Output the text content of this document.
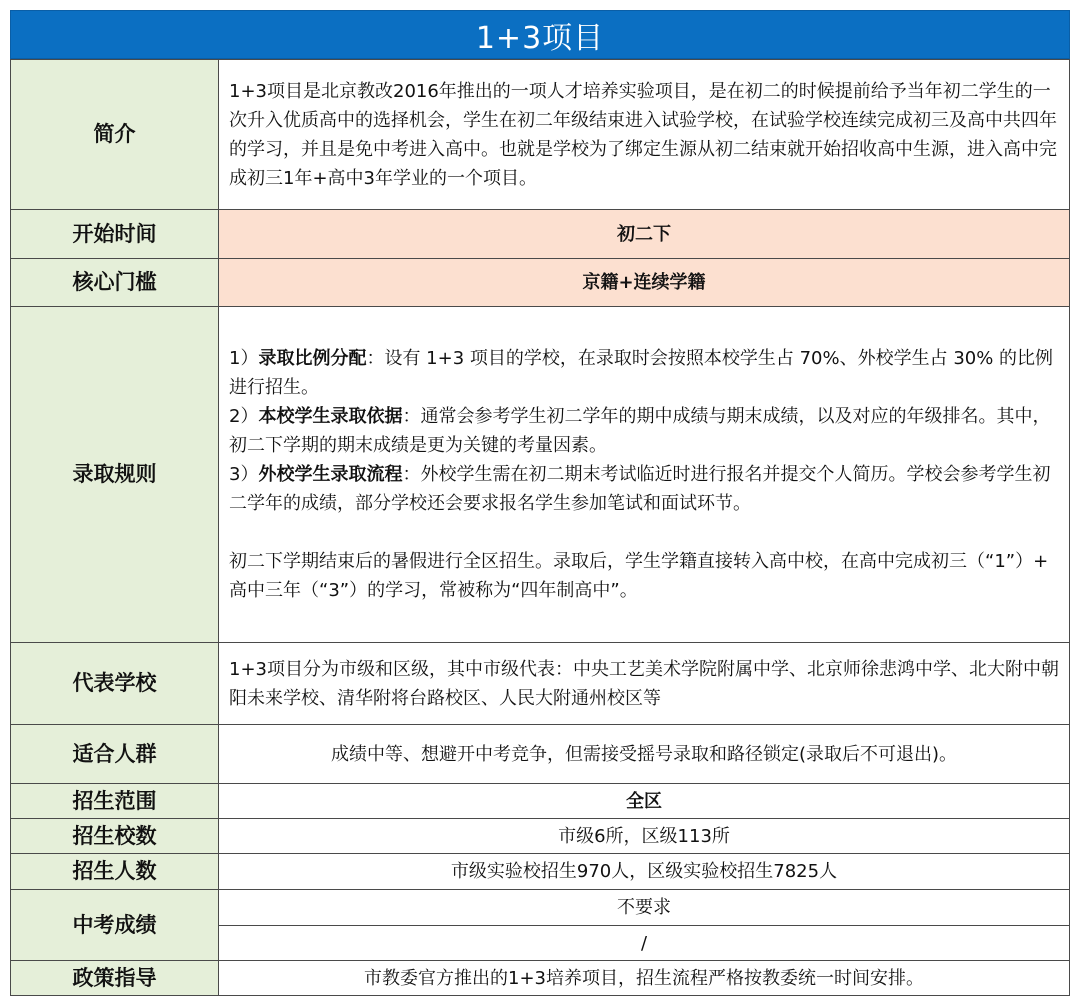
1+3项目
简介	1+3项目是北京教改2016年推出的一项人才培养实验项目，是在初二的时候提前给予当年初二学生的一次升入优质高中的选择机会，学生在初二年级结束进入试验学校，在试验学校连续完成初三及高中共四年的学习，并且是免中考进入高中。也就是学校为了绑定生源从初二结束就开始招收高中生源，进入高中完成初三1年+高中3年学业的一个项目。
开始时间	初二下
核心门槛	京籍+连续学籍
录取规则	1）录取比例分配：设有 1+3 项目的学校，在录取时会按照本校学生占 70%、外校学生占 30% 的比例进行招生。
2）本校学生录取依据：通常会参考学生初二学年的期中成绩与期末成绩，以及对应的年级排名。其中，初二下学期的期末成绩是更为关键的考量因素。
3）外校学生录取流程：外校学生需在初二期末考试临近时进行报名并提交个人简历。学校会参考学生初二学年的成绩，部分学校还会要求报名学生参加笔试和面试环节。
初二下学期结束后的暑假进行全区招生。录取后，学生学籍直接转入高中校，在高中完成初三（“1”）+ 高中三年（“3”）的学习，常被称为“四年制高中”。

代表学校	1+3项目分为市级和区级，其中市级代表：中央工艺美术学院附属中学、北京师徐悲鸿中学、北大附中朝阳未来学校、清华附将台路校区、人民大附通州校区等
适合人群	成绩中等、想避开中考竞争，但需接受摇号录取和路径锁定(录取后不可退出)。
招生范围	全区
招生校数	市级6所，区级113所
招生人数	市级实验校招生970人，区级实验校招生7825人
中考成绩	不要求
	/
政策指导	市教委官方推出的1+3培养项目，招生流程严格按教委统一时间安排。
